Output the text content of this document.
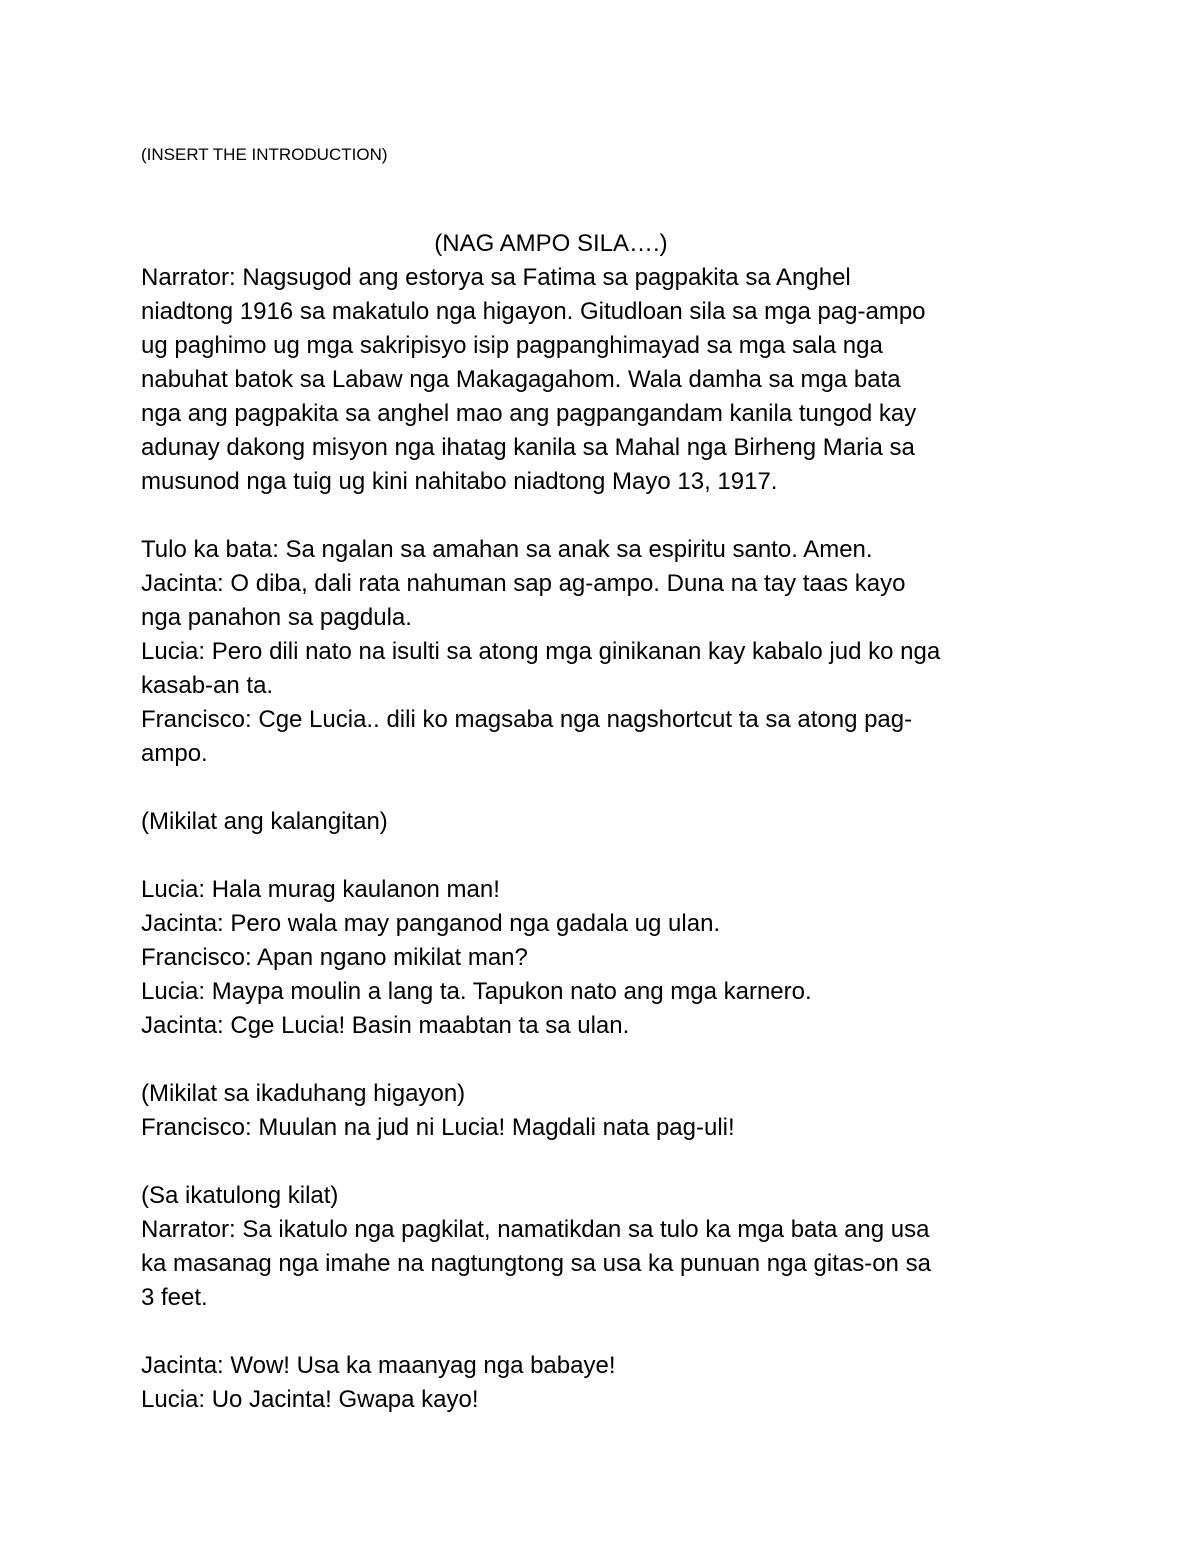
(INSERT THE INTRODUCTION)

(NAG AMPO SILA….)

Narrator: Nagsugod ang estorya sa Fatima sa pagpakita sa Anghel

niadtong 1916 sa makatulo nga higayon. Gitudloan sila sa mga pag-ampo

ug paghimo ug mga sakripisyo isip pagpanghimayad sa mga sala nga

nabuhat batok sa Labaw nga Makagagahom. Wala damha sa mga bata

nga ang pagpakita sa anghel mao ang pagpangandam kanila tungod kay

adunay dakong misyon nga ihatag kanila sa Mahal nga Birheng Maria sa

musunod nga tuig ug kini nahitabo niadtong Mayo 13, 1917.

Tulo ka bata: Sa ngalan sa amahan sa anak sa espiritu santo. Amen.

Jacinta: O diba, dali rata nahuman sap ag-ampo. Duna na tay taas kayo

nga panahon sa pagdula.

Lucia: Pero dili nato na isulti sa atong mga ginikanan kay kabalo jud ko nga

kasab-an ta.

Francisco: Cge Lucia.. dili ko magsaba nga nagshortcut ta sa atong pag-

ampo.

(Mikilat ang kalangitan)

Lucia: Hala murag kaulanon man!

Jacinta: Pero wala may panganod nga gadala ug ulan.

Francisco: Apan ngano mikilat man?

Lucia: Maypa moulin a lang ta. Tapukon nato ang mga karnero.

Jacinta: Cge Lucia! Basin maabtan ta sa ulan.

(Mikilat sa ikaduhang higayon)

Francisco: Muulan na jud ni Lucia! Magdali nata pag-uli!

(Sa ikatulong kilat)

Narrator: Sa ikatulo nga pagkilat, namatikdan sa tulo ka mga bata ang usa

ka masanag nga imahe na nagtungtong sa usa ka punuan nga gitas-on sa

3 feet.

Jacinta: Wow! Usa ka maanyag nga babaye!

Lucia: Uo Jacinta! Gwapa kayo!
